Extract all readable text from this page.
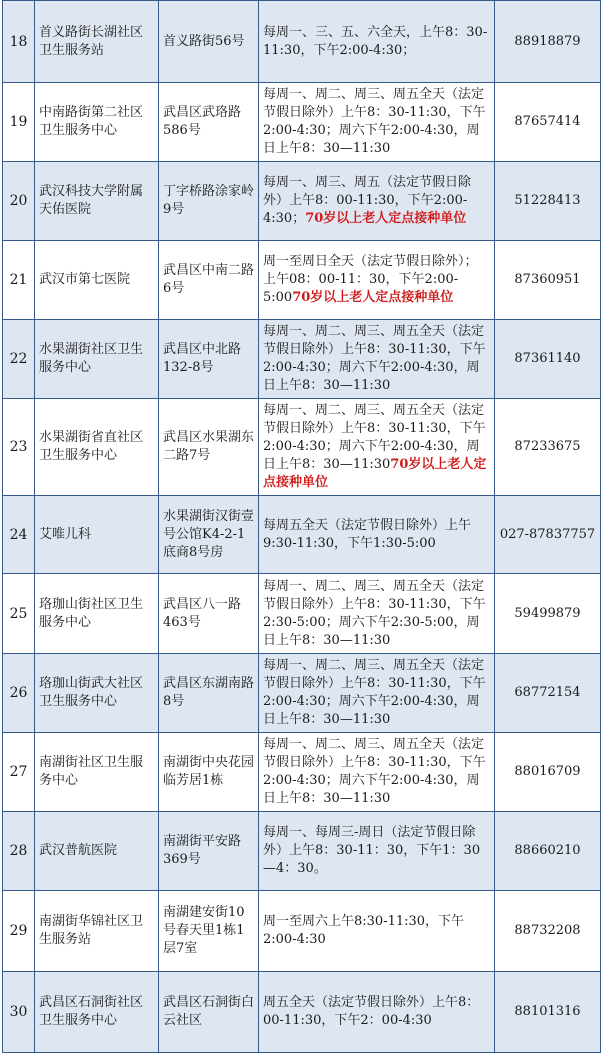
18	首义路街长湖社区卫生服务站	首义路街56号	每周一、三、五、六全天，上午8：30-11:30，下午2:00-4:30；	88918879
19	中南路街第二社区卫生服务中心	武昌区武珞路586号	每周一、周二、周三、周五全天（法定节假日除外）上午8：30-11:30，下午2:00-4:30；周六下午2:00-4:30，周日上午8：30—11:30	87657414
20	武汉科技大学附属天佑医院	丁字桥路涂家岭9号	每周一、周三、周五（法定节假日除外）上午8：00-11:30，下午2:00-4:30；70岁以上老人定点接种单位	51228413
21	武汉市第七医院	武昌区中南二路6号	周一至周日全天（法定节假日除外）；上午08：00-11：30，下午2:00-5:0070岁以上老人定点接种单位	87360951
22	水果湖街社区卫生服务中心	武昌区中北路132-8号	每周一、周二、周三、周五全天（法定节假日除外）上午8：30-11:30，下午2:00-4:30；周六下午2:00-4:30，周日上午8：30—11:30	87361140
23	水果湖街省直社区卫生服务中心	武昌区水果湖东二路7号	每周一、周二、周三、周五全天（法定节假日除外）上午8：30-11:30，下午2:00-4:30；周六下午2:00-4:30，周日上午8：30—11:3070岁以上老人定点接种单位	87233675
24	艾唯儿科	水果湖街汉街壹号公馆K4-2-1底商8号房	每周五全天（法定节假日除外）上午9:30-11:30，下午1:30-5:00	027-87837757
25	珞珈山街社区卫生服务中心	武昌区八一路463号	每周一、周二、周三、周五全天（法定节假日除外）上午8：30-11:30，下午2:30-5:00；周六下午2:30-5:00，周日上午8：30—11:30	59499879
26	珞珈山街武大社区卫生服务中心	武昌区东湖南路8号	每周一、周二、周三、周五全天（法定节假日除外）上午8：30-11:30，下午2:00-4:30；周六下午2:00-4:30，周日上午8：30—11:30	68772154
27	南湖街社区卫生服务中心	南湖街中央花园临芳居1栋	每周一、周二、周三、周五全天（法定节假日除外）上午8：30-11:30，下午2:00-4:30；周六下午2:00-4:30，周日上午8：30—11:30	88016709
28	武汉普航医院	南湖街平安路369号	每周一、每周三-周日（法定节假日除外）上午8：30-11：30，下午1：30—4：30。	88660210
29	南湖街华锦社区卫生服务站	南湖建安街10号春天里1栋1层7室	周一至周六上午8:30-11:30，下午2:00-4:30	88732208
30	武昌区石洞街社区卫生服务中心	武昌区石洞街白云社区	周五全天（法定节假日除外）上午8：00-11:30，下午2：00-4:30	88101316
